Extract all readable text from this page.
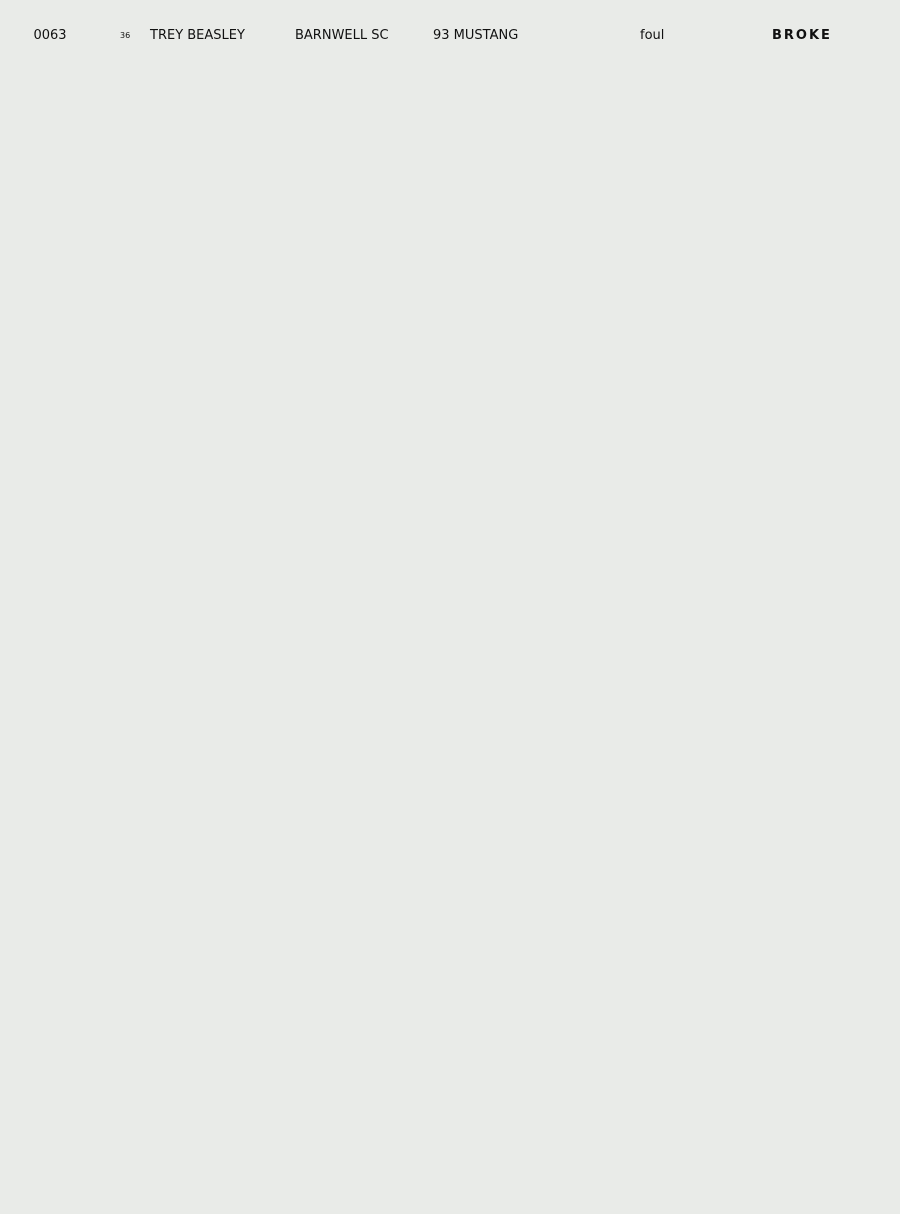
0063	36 TREY BEASLEY	BARNWELL SC	93 MUSTANG	foul	BROKE
